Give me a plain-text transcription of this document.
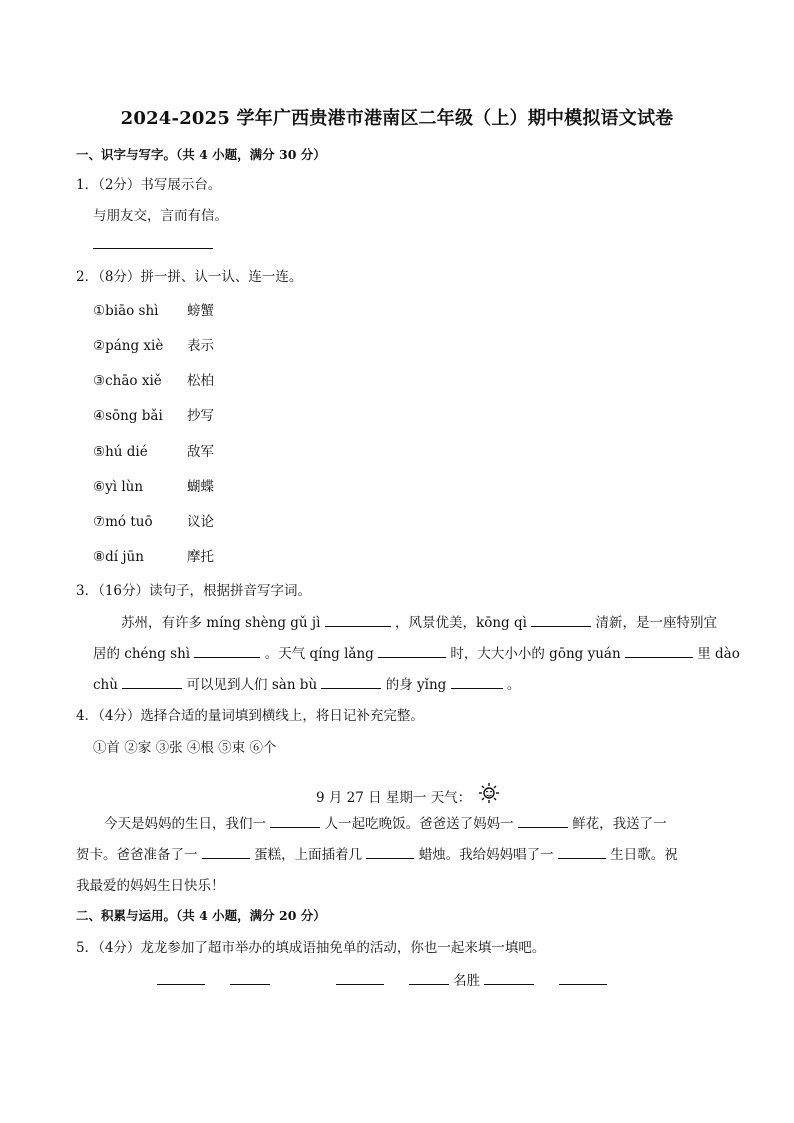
2024-2025 学年广西贵港市港南区二年级（上）期中模拟语文试卷
一、识字与写字。（共 4 小题，满分 30 分）
1．（2分）书写展示台。
与朋友交，言而有信。
2．（8分）拼一拼、认一认、连一连。
①biāo shì 螃蟹
②páng xiè 表示
③chāo xiě 松柏
④sōng bǎi 抄写
⑤hú dié	敌军
⑥yì lùn	蝴蝶
⑦mó tuō	议论
⑧dí jūn	摩托
3．（16分）读句子，根据拼音写字词。
苏州，有许多 míng shèng gǔ jì	，风景优美，kōng qì	清新，是一座特别宜
居的 chéng shì	。天气 qíng lǎng	时，大大小小的 gōng yuán	里 dào
chù	可以见到人们 sàn bù	的身 yǐng	。
4．（4分）选择合适的量词填到横线上，将日记补充完整。
①首 ②家 ③张 ④根 ⑤束 ⑥个
9 月 27 日 星期一 天气：
今天是妈妈的生日，我们一	人一起吃晚饭。爸爸送了妈妈一	鲜花，我送了一
贺卡。爸爸准备了一	蛋糕，上面插着几	蜡烛。我给妈妈唱了一	生日歌。祝
我最爱的妈妈生日快乐！
二、积累与运用。（共 4 小题，满分 20 分）
5．（4分）龙龙参加了超市举办的填成语抽免单的活动，你也一起来填一填吧。
名胜
